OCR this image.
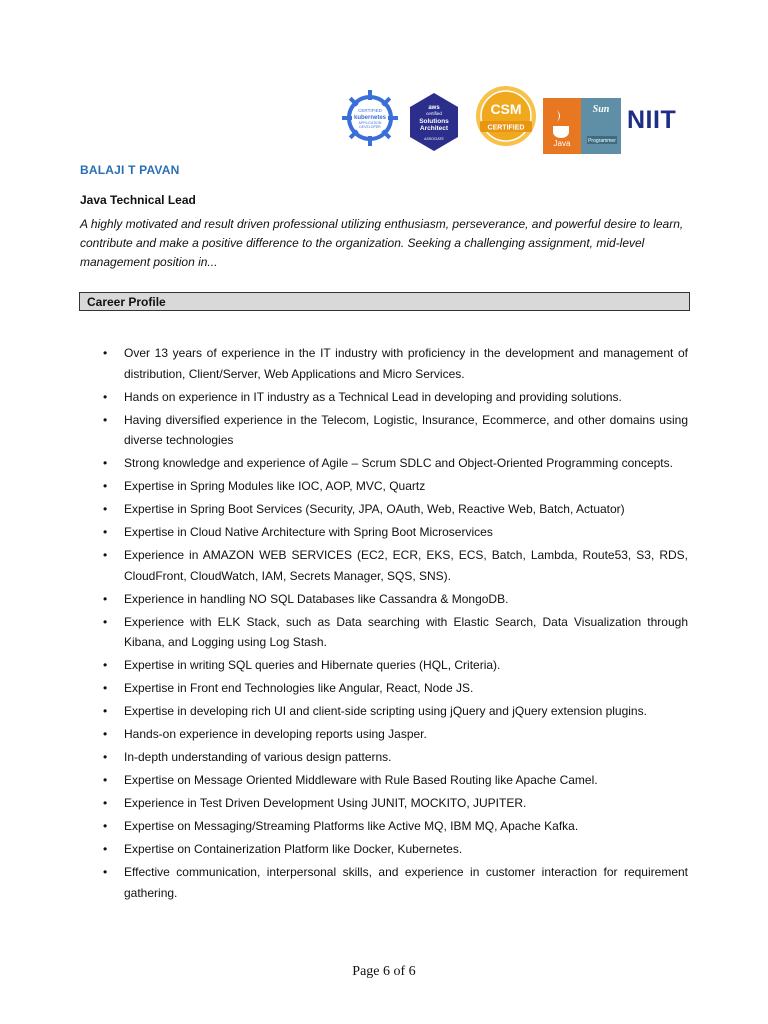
CERTIFIED
kubernetes
APPLICATION
DEVELOPER
aws
certified
Solutions
Architect
ASSOCIATE
CSM
CERTIFIED
Java
Sun
Programmer
NIIT
BALAJI T PAVAN
Java Technical Lead
A highly motivated and result driven professional utilizing enthusiasm, perseverance, and powerful desire to learn, contribute and make a positive difference to the organization. Seeking a challenging assignment, mid-level management position in...
Career Profile
• Over 13 years of experience in the IT industry with proficiency in the development and management of distribution, Client/Server, Web Applications and Micro Services.
• Hands on experience in IT industry as a Technical Lead in developing and providing solutions.
• Having diversified experience in the Telecom, Logistic, Insurance, Ecommerce, and other domains using diverse technologies
• Strong knowledge and experience of Agile – Scrum SDLC and Object-Oriented Programming concepts.
• Expertise in Spring Modules like IOC, AOP, MVC, Quartz
• Expertise in Spring Boot Services (Security, JPA, OAuth, Web, Reactive Web, Batch, Actuator)
• Expertise in Cloud Native Architecture with Spring Boot Microservices
• Experience in AMAZON WEB SERVICES (EC2, ECR, EKS, ECS, Batch, Lambda, Route53, S3, RDS, CloudFront, CloudWatch, IAM, Secrets Manager, SQS, SNS).
• Experience in handling NO SQL Databases like Cassandra & MongoDB.
• Experience with ELK Stack, such as Data searching with Elastic Search, Data Visualization through Kibana, and Logging using Log Stash.
• Expertise in writing SQL queries and Hibernate queries (HQL, Criteria).
• Expertise in Front end Technologies like Angular, React, Node JS.
• Expertise in developing rich UI and client-side scripting using jQuery and jQuery extension plugins.
• Hands-on experience in developing reports using Jasper.
• In-depth understanding of various design patterns.
• Expertise on Message Oriented Middleware with Rule Based Routing like Apache Camel.
• Experience in Test Driven Development Using JUNIT, MOCKITO, JUPITER.
• Expertise on Messaging/Streaming Platforms like Active MQ, IBM MQ, Apache Kafka.
• Expertise on Containerization Platform like Docker, Kubernetes.
• Effective communication, interpersonal skills, and experience in customer interaction for requirement gathering.
Page 6 of 6
